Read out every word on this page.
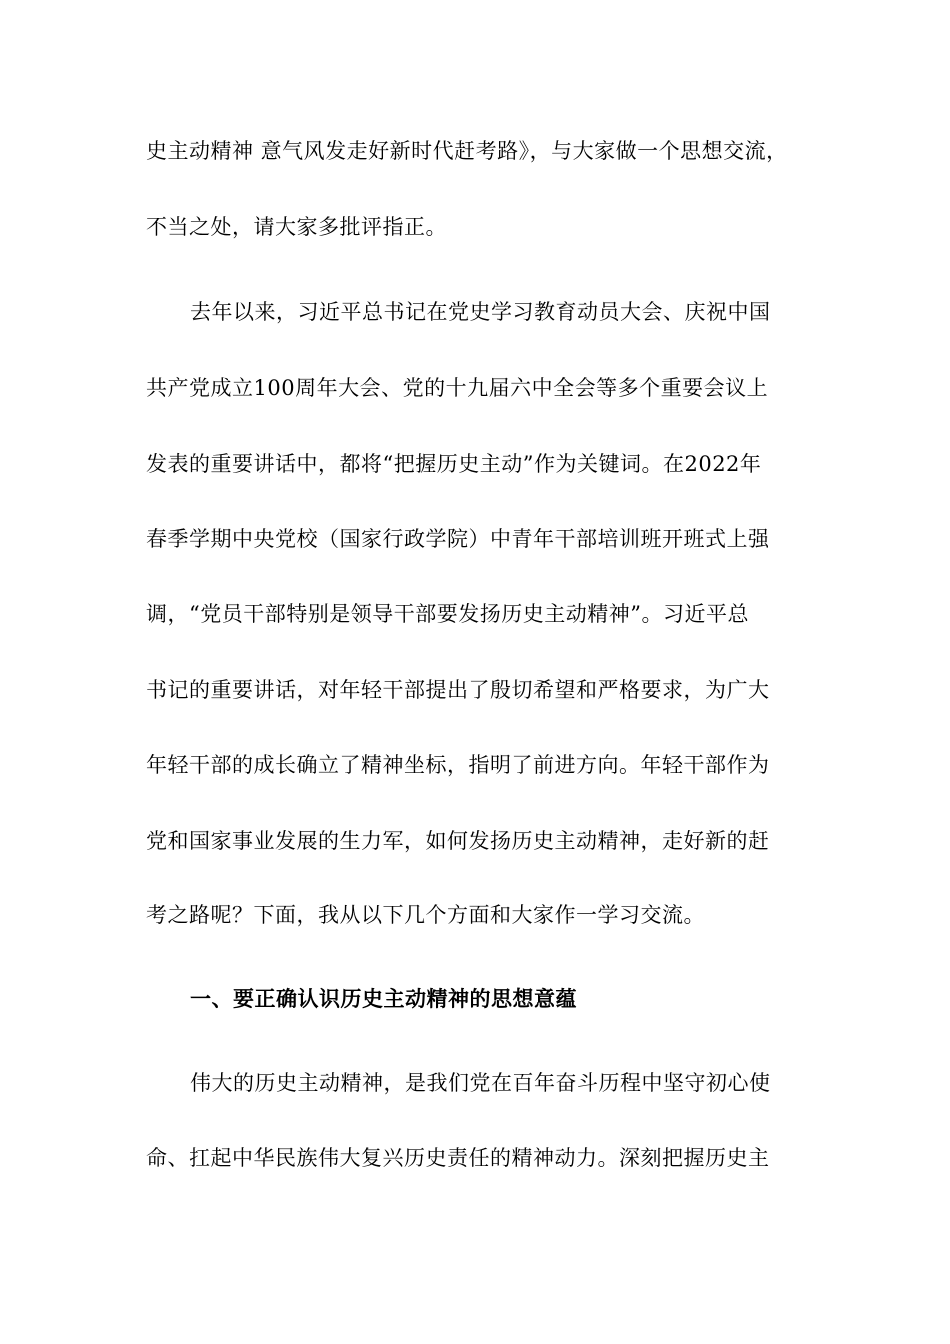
史主动精神 意气风发走好新时代赶考路》，与大家做一个思想交流，
不当之处，请大家多批评指正。
去年以来，习近平总书记在党史学习教育动员大会、庆祝中国
共产党成立100周年大会、党的十九届六中全会等多个重要会议上
发表的重要讲话中，都将“把握历史主动”作为关键词。在2022年
春季学期中央党校（国家行政学院）中青年干部培训班开班式上强
调，“党员干部特别是领导干部要发扬历史主动精神”。习近平总
书记的重要讲话，对年轻干部提出了殷切希望和严格要求，为广大
年轻干部的成长确立了精神坐标，指明了前进方向。年轻干部作为
党和国家事业发展的生力军，如何发扬历史主动精神，走好新的赶
考之路呢？下面，我从以下几个方面和大家作一学习交流。
一、要正确认识历史主动精神的思想意蕴
伟大的历史主动精神，是我们党在百年奋斗历程中坚守初心使
命、扛起中华民族伟大复兴历史责任的精神动力。深刻把握历史主
